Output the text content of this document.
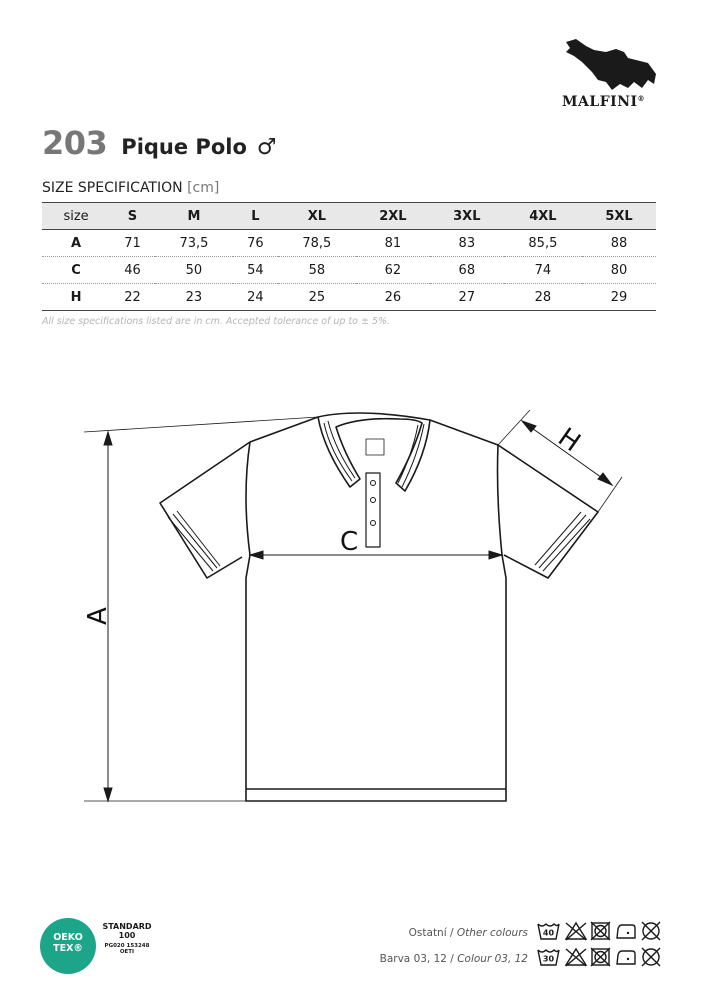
MALFINI®
203 Pique Polo ♂
SIZE SPECIFICATION [cm]
size	S	M	L	XL	2XL	3XL	4XL	5XL
A	71	73,5	76	78,5	81	83	85,5	88
C	46	50	54	58	62	68	74	80
H	22	23	24	25	26	27	28	29
All size specifications listed are in cm. Accepted tolerance of up to ± 5%.
A
C
H
OEKO
TEX®
STANDARD
100
PG020 153248
OETI
Ostatní / Other colours
Barva 03, 12 / Colour 03, 12
40
30
